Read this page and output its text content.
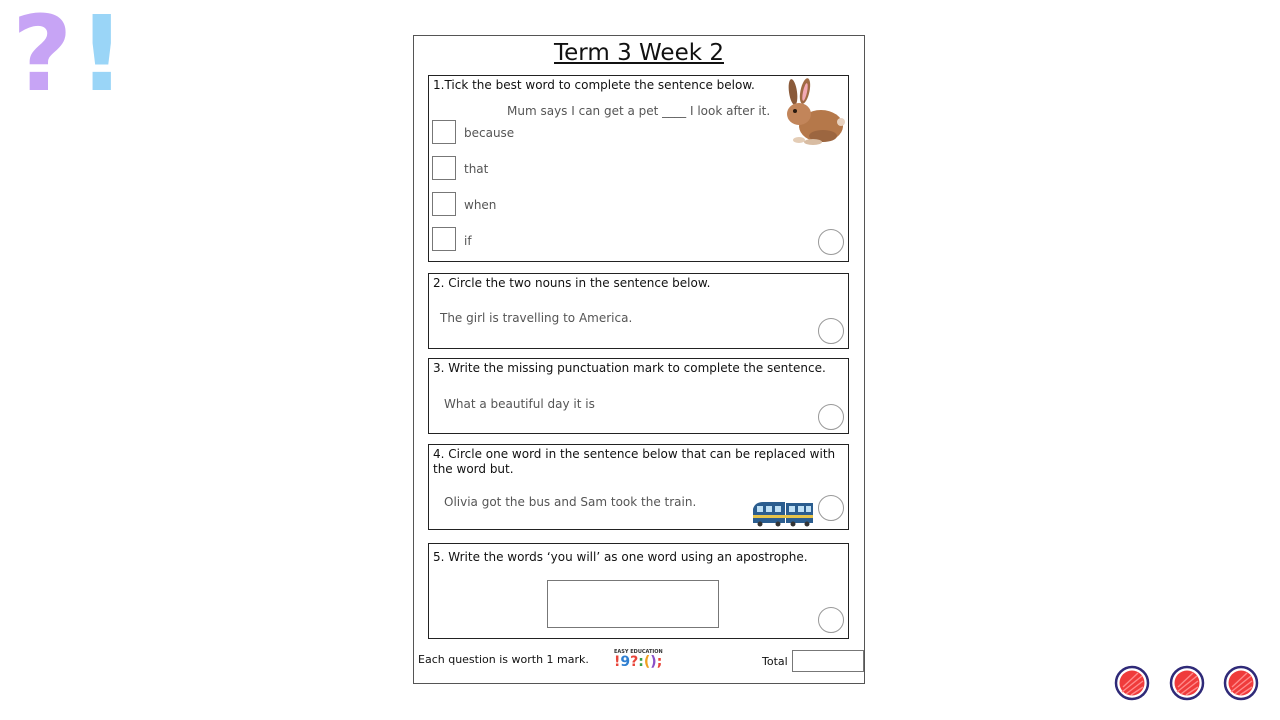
? !	Term 3 Week 2
1.Tick the best word to complete the sentence below.
Mum says I can get a pet ____ I look after it.
because
that
when
if
2. Circle the two nouns in the sentence below.
The girl is travelling to America.
3. Write the missing punctuation mark to complete the sentence.
What a beautiful day it is
4. Circle one word in the sentence below that can be replaced with the word but.
Olivia got the bus and Sam took the train.
5. Write the words ‘you will’ as one word using an apostrophe.
Each question is worth 1 mark.
EASY EDUCATION
!9?:();	Total
